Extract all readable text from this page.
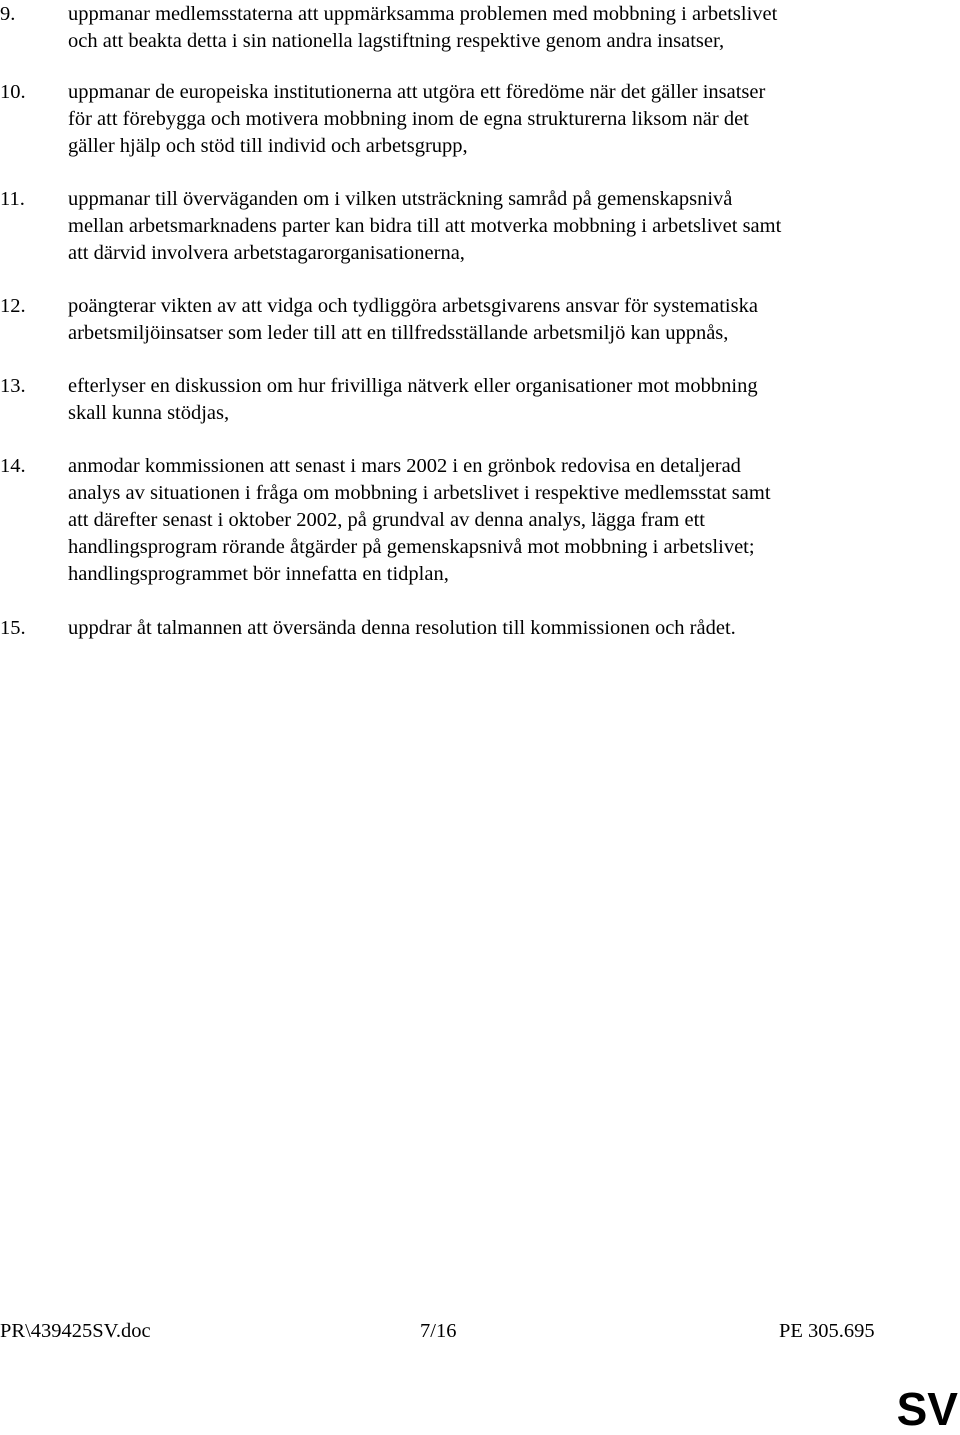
9.	uppmanar medlemsstaterna att uppmärksamma problemen med mobbning i arbetslivet
och att beakta detta i sin nationella lagstiftning respektive genom andra insatser,
10. uppmanar de europeiska institutionerna att utgöra ett föredöme när det gäller insatser
för att förebygga och motivera mobbning inom de egna strukturerna liksom när det
gäller hjälp och stöd till individ och arbetsgrupp,
11. uppmanar till överväganden om i vilken utsträckning samråd på gemenskapsnivå
mellan arbetsmarknadens parter kan bidra till att motverka mobbning i arbetslivet samt
att därvid involvera arbetstagarorganisationerna,
12. poängterar vikten av att vidga och tydliggöra arbetsgivarens ansvar för systematiska
arbetsmiljöinsatser som leder till att en tillfredsställande arbetsmiljö kan uppnås,
13. efterlyser en diskussion om hur frivilliga nätverk eller organisationer mot mobbning
skall kunna stödjas,
14. anmodar kommissionen att senast i mars 2002 i en grönbok redovisa en detaljerad
analys av situationen i fråga om mobbning i arbetslivet i respektive medlemsstat samt
att därefter senast i oktober 2002, på grundval av denna analys, lägga fram ett
handlingsprogram rörande åtgärder på gemenskapsnivå mot mobbning i arbetslivet;
handlingsprogrammet bör innefatta en tidplan,
15. uppdrar åt talmannen att översända denna resolution till kommissionen och rådet.
PR\439425SV.doc	7/16	PE 305.695
SV
